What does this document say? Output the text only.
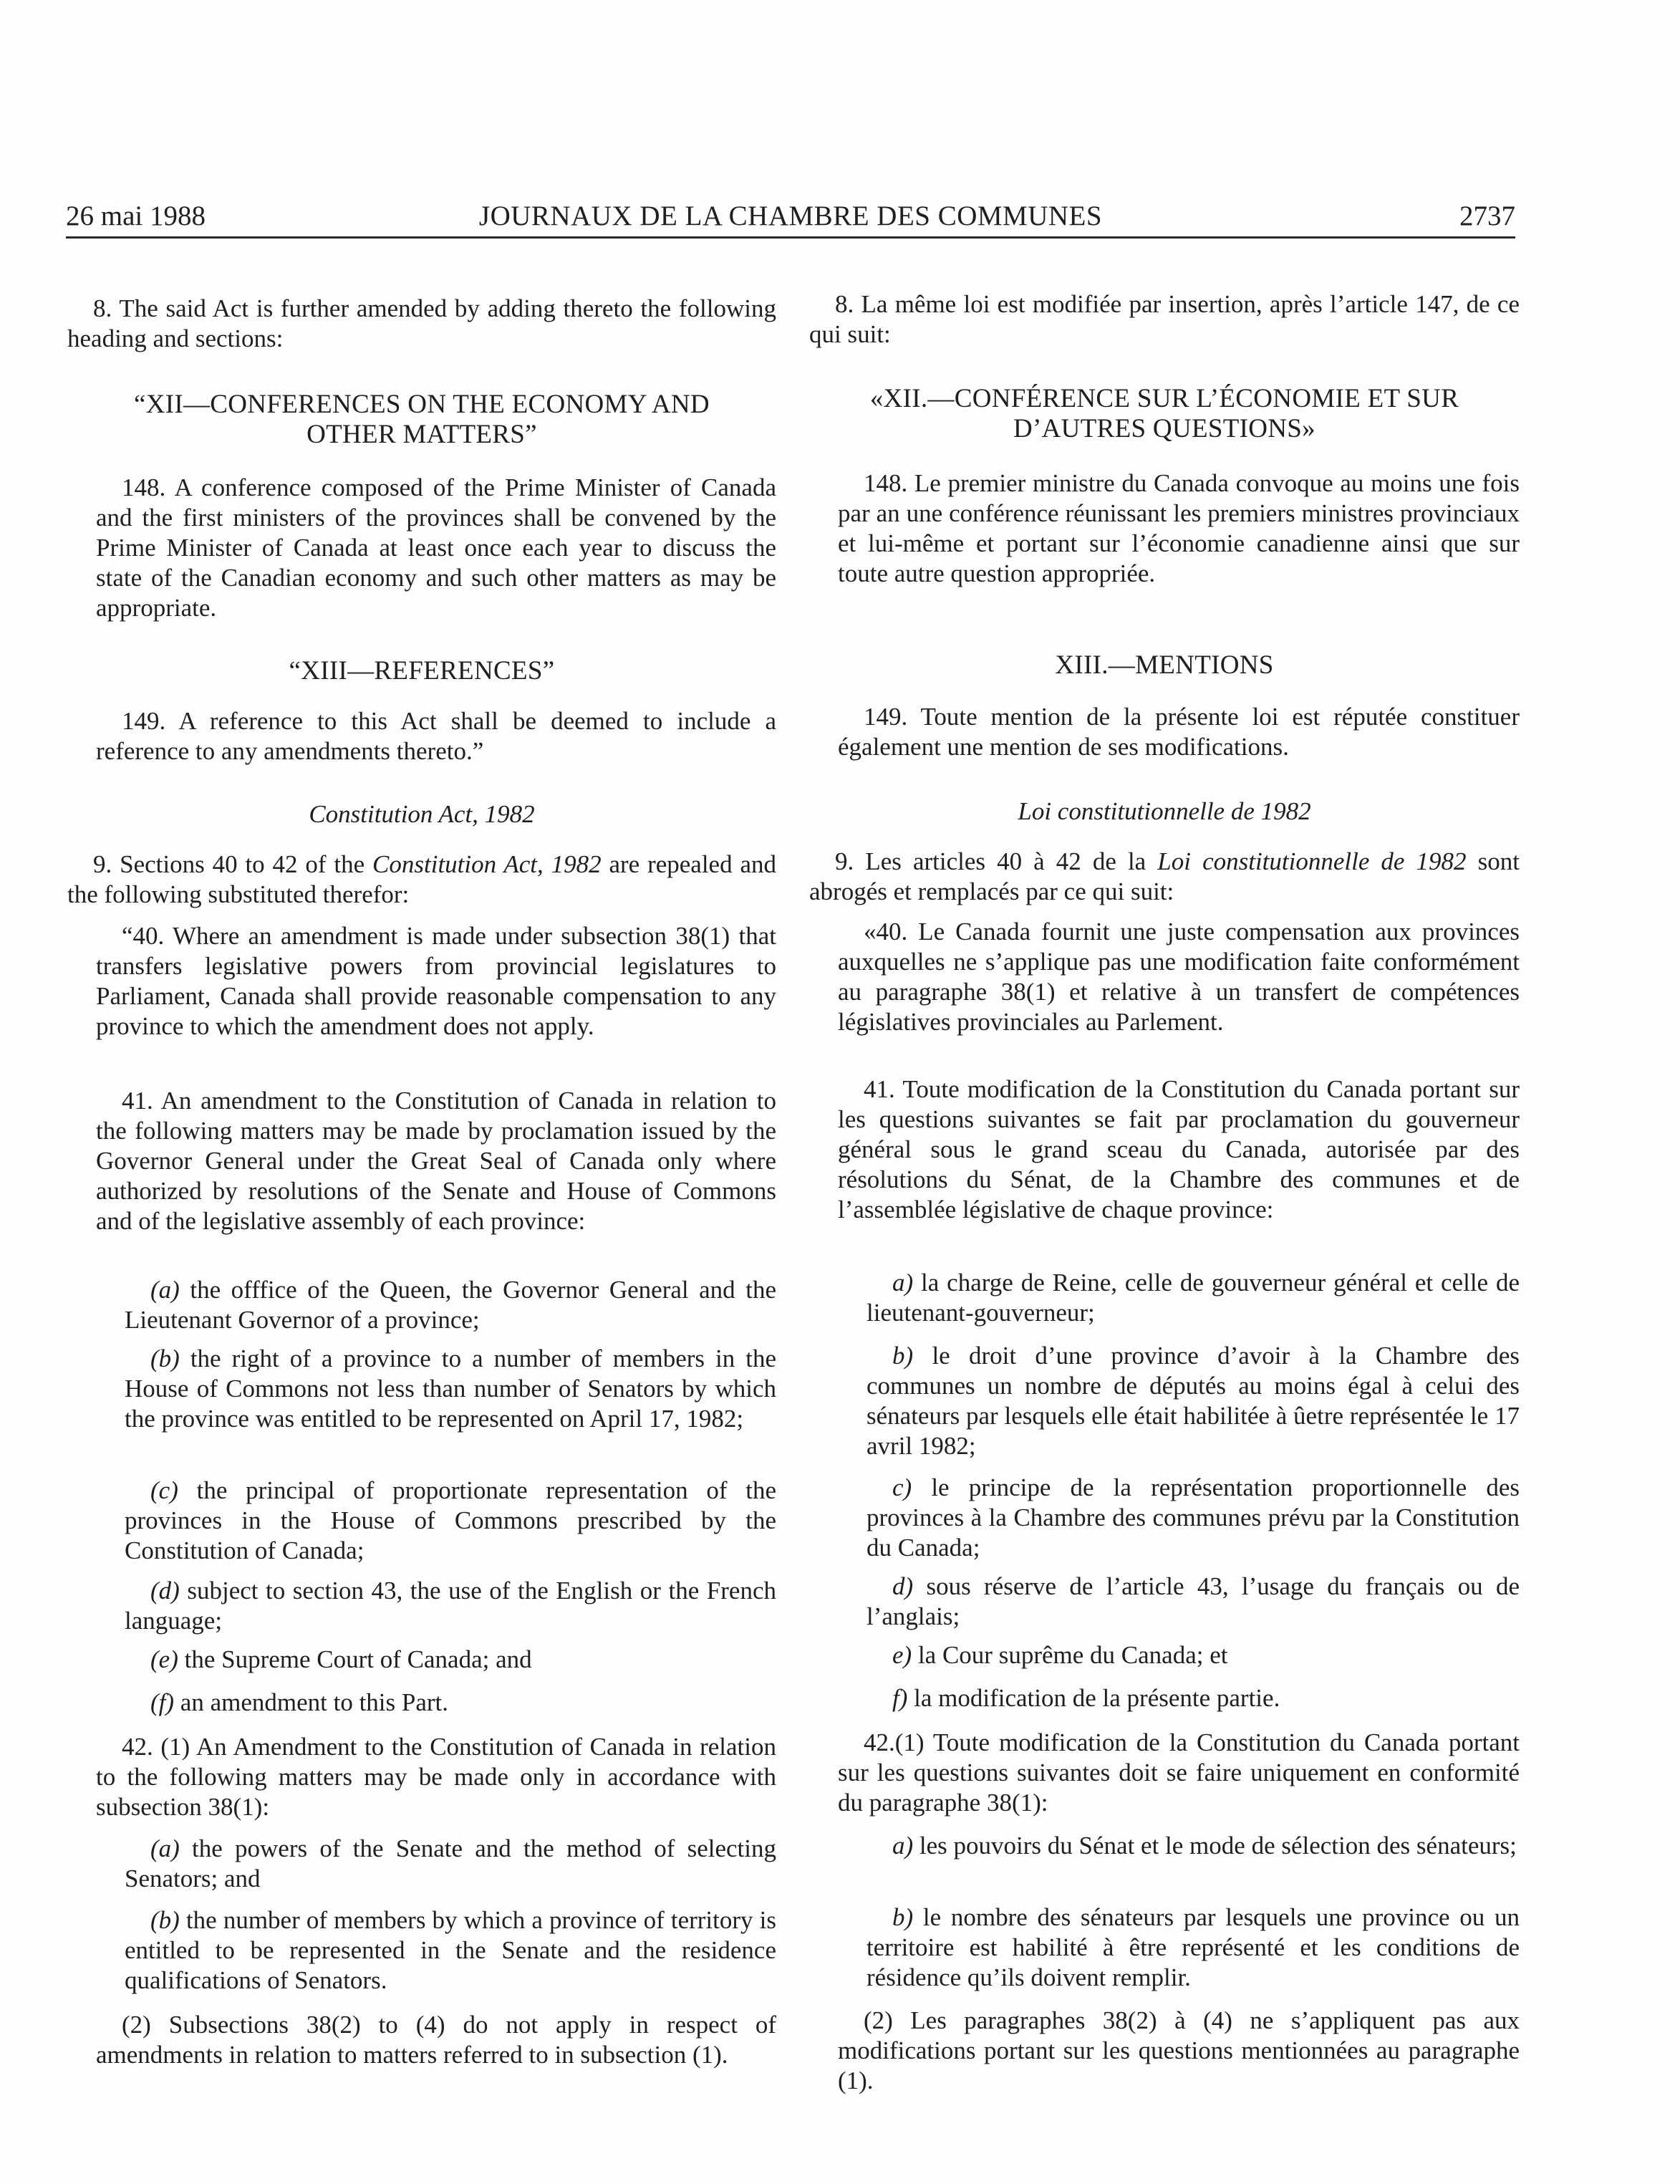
26 mai 1988	JOURNAUX DE LA CHAMBRE DES COMMUNES	2737

8. The said Act is further amended by adding thereto the following heading and sections:

“XII—CONFERENCES ON THE ECONOMY AND

OTHER MATTERS”

148. A conference composed of the Prime Minister of Canada and the first ministers of the provinces shall be convened by the Prime Minister of Canada at least once each year to discuss the state of the Canadian economy and such other matters as may be appropriate.

“XIII—REFERENCES”

149. A reference to this Act shall be deemed to include a reference to any amendments thereto.”

Constitution Act, 1982

9. Sections 40 to 42 of the Constitution Act, 1982 are repealed and the following substituted therefor:

“40. Where an amendment is made under subsection 38(1) that transfers legislative powers from provincial legislatures to Parliament, Canada shall provide reasonable compensation to any province to which the amendment does not apply.

41. An amendment to the Constitution of Canada in relation to the following matters may be made by proclamation issued by the Governor General under the Great Seal of Canada only where authorized by resolutions of the Senate and House of Commons and of the legislative assembly of each province:

(a) the offfice of the Queen, the Governor General and the Lieutenant Governor of a province;

(b) the right of a province to a number of members in the House of Commons not less than number of Senators by which the province was entitled to be represented on April 17, 1982;

(c) the principal of proportionate representation of the provinces in the House of Commons prescribed by the Constitution of Canada;

(d) subject to section 43, the use of the English or the French language;

(e) the Supreme Court of Canada; and

(f) an amendment to this Part.

42. (1) An Amendment to the Constitution of Canada in relation to the following matters may be made only in accordance with subsection 38(1):

(a) the powers of the Senate and the method of selecting Senators; and

(b) the number of members by which a province of territory is entitled to be represented in the Senate and the residence qualifications of Senators.

(2) Subsections 38(2) to (4) do not apply in respect of amendments in relation to matters referred to in subsection (1).

8. La même loi est modifiée par insertion, après l’article 147, de ce qui suit:

«XII.—CONFÉRENCE SUR L’ÉCONOMIE ET SUR

D’AUTRES QUESTIONS»

148. Le premier ministre du Canada convoque au moins une fois par an une conférence réunissant les premiers ministres provinciaux et lui-même et portant sur l’économie canadienne ainsi que sur toute autre question appropriée.

XIII.—MENTIONS

149. Toute mention de la présente loi est réputée constituer également une mention de ses modifications.

Loi constitutionnelle de 1982

9. Les articles 40 à 42 de la Loi constitutionnelle de 1982 sont abrogés et remplacés par ce qui suit:

«40. Le Canada fournit une juste compensation aux provinces auxquelles ne s’applique pas une modification faite conformément au paragraphe 38(1) et relative à un transfert de compétences législatives provinciales au Parlement.

41. Toute modification de la Constitution du Canada portant sur les questions suivantes se fait par proclamation du gouverneur général sous le grand sceau du Canada, autorisée par des résolutions du Sénat, de la Chambre des communes et de l’assemblée législative de chaque province:

a) la charge de Reine, celle de gouverneur général et celle de lieutenant-gouverneur;

b) le droit d’une province d’avoir à la Chambre des communes un nombre de députés au moins égal à celui des sénateurs par lesquels elle était habilitée à ûetre représentée le 17 avril 1982;

c) le principe de la représentation proportionnelle des provinces à la Chambre des communes prévu par la Constitution du Canada;

d) sous réserve de l’article 43, l’usage du français ou de l’anglais;

e) la Cour suprême du Canada; et

f) la modification de la présente partie.

42.(1) Toute modification de la Constitution du Canada portant sur les questions suivantes doit se faire uniquement en conformité du paragraphe 38(1):

a) les pouvoirs du Sénat et le mode de sélection des sénateurs;

b) le nombre des sénateurs par lesquels une province ou un territoire est habilité à être représenté et les conditions de résidence qu’ils doivent remplir.

(2) Les paragraphes 38(2) à (4) ne s’appliquent pas aux modifications portant sur les questions mentionnées au paragraphe (1).
